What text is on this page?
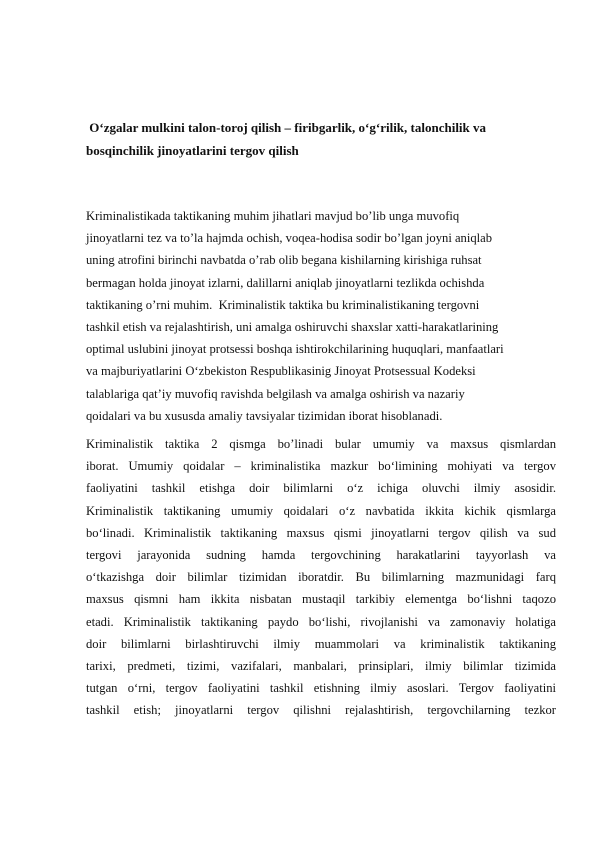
O‘zgalar mulkini talon-toroj qilish – firibgarlik, o‘g‘rilik, talonchilik va
bosqinchilik jinoyatlarini tergov qilish

Kriminalistikada taktikaning muhim jihatlari mavjud bo’lib unga muvofiq
jinoyatlarni tez va to’la hajmda ochish, voqea-hodisa sodir bo’lgan joyni aniqlab
uning atrofini birinchi navbatda o’rab olib begana kishilarning kirishiga ruhsat
bermagan holda jinoyat izlarni, dalillarni aniqlab jinoyatlarni tezlikda ochishda
taktikaning o’rni muhim.  Kriminalistik taktika bu kriminalistikaning tergovni
tashkil etish va rejalashtirish, uni amalga oshiruvchi shaxslar xatti-harakatlarining
optimal uslubini jinoyat protsessi boshqa ishtirokchilarining huquqlari, manfaatlari
va majburiyatlarini O‘zbekiston Respublikasinig Jinoyat Protsessual Kodeksi
talablariga qat’iy muvofiq ravishda belgilash va amalga oshirish va nazariy
qoidalari va bu xususda amaliy tavsiyalar tizimidan iborat hisoblanadi.

Kriminalistik taktika 2 qismga bo’linadi bular umumiy va maxsus qismlardan
iborat. Umumiy qoidalar – kriminalistika mazkur bo‘limining mohiyati va tergov
faoliyatini tashkil etishga doir bilimlarni o‘z ichiga oluvchi ilmiy asosidir.
Kriminalistik taktikaning umumiy qoidalari o‘z navbatida ikkita kichik qismlarga
bo‘linadi. Kriminalistik taktikaning maxsus qismi jinoyatlarni tergov qilish va sud
tergovi jarayonida sudning hamda tergovchining harakatlarini tayyorlash va
o‘tkazishga doir bilimlar tizimidan iboratdir. Bu bilimlarning mazmunidagi farq
maxsus qismni ham ikkita nisbatan mustaqil tarkibiy elementga bo‘lishni taqozo
etadi. Kriminalistik taktikaning paydo bo‘lishi, rivojlanishi va zamonaviy holatiga
doir bilimlarni birlashtiruvchi ilmiy muammolari va kriminalistik taktikaning
tarixi, predmeti, tizimi, vazifalari, manbalari, prinsiplari, ilmiy bilimlar tizimida
tutgan o‘rni, tergov faoliyatini tashkil etishning ilmiy asoslari. Tergov faoliyatini
tashkil etish; jinoyatlarni tergov qilishni rejalashtirish, tergovchilarning tezkor
